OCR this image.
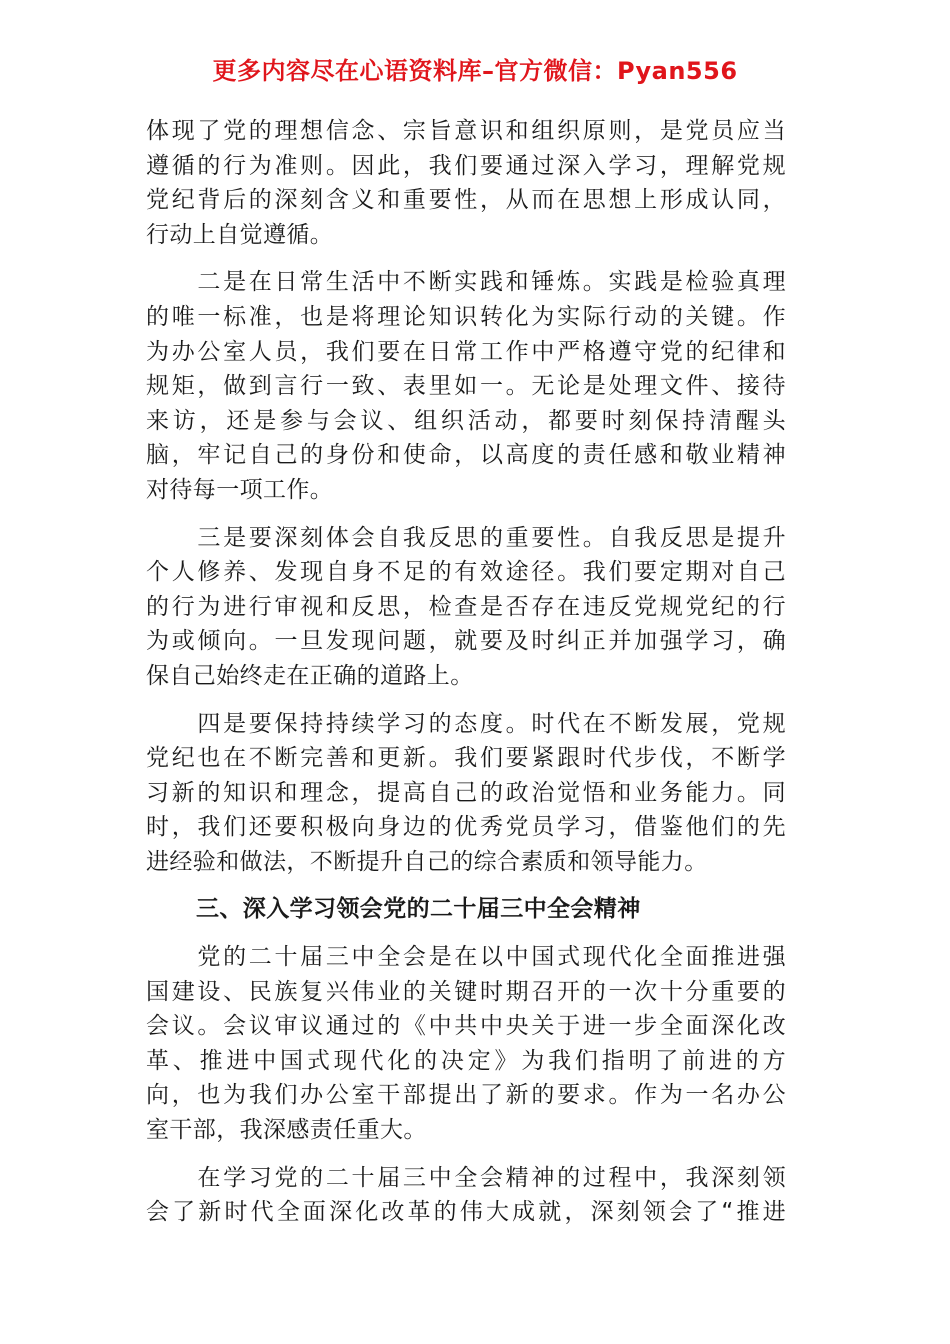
更多内容尽在心语资料库–官方微信：Pyan556
体现了党的理想信念、宗旨意识和组织原则，是党员应当
遵循的行为准则。因此，我们要通过深入学习，理解党规
党纪背后的深刻含义和重要性，从而在思想上形成认同，
行动上自觉遵循。
　　二是在日常生活中不断实践和锤炼。实践是检验真理
的唯一标准，也是将理论知识转化为实际行动的关键。作
为办公室人员，我们要在日常工作中严格遵守党的纪律和
规矩，做到言行一致、表里如一。无论是处理文件、接待
来访，还是参与会议、组织活动，都要时刻保持清醒头
脑，牢记自己的身份和使命，以高度的责任感和敬业精神
对待每一项工作。
　　三是要深刻体会自我反思的重要性。自我反思是提升
个人修养、发现自身不足的有效途径。我们要定期对自己
的行为进行审视和反思，检查是否存在违反党规党纪的行
为或倾向。一旦发现问题，就要及时纠正并加强学习，确
保自己始终走在正确的道路上。
　　四是要保持持续学习的态度。时代在不断发展，党规
党纪也在不断完善和更新。我们要紧跟时代步伐，不断学
习新的知识和理念，提高自己的政治觉悟和业务能力。同
时，我们还要积极向身边的优秀党员学习，借鉴他们的先
进经验和做法，不断提升自己的综合素质和领导能力。
三、深入学习领会党的二十届三中全会精神
　　党的二十届三中全会是在以中国式现代化全面推进强
国建设、民族复兴伟业的关键时期召开的一次十分重要的
会议。会议审议通过的《中共中央关于进一步全面深化改
革、推进中国式现代化的决定》为我们指明了前进的方
向，也为我们办公室干部提出了新的要求。作为一名办公
室干部，我深感责任重大。
　　在学习党的二十届三中全会精神的过程中，我深刻领
会了新时代全面深化改革的伟大成就，深刻领会了“推进
